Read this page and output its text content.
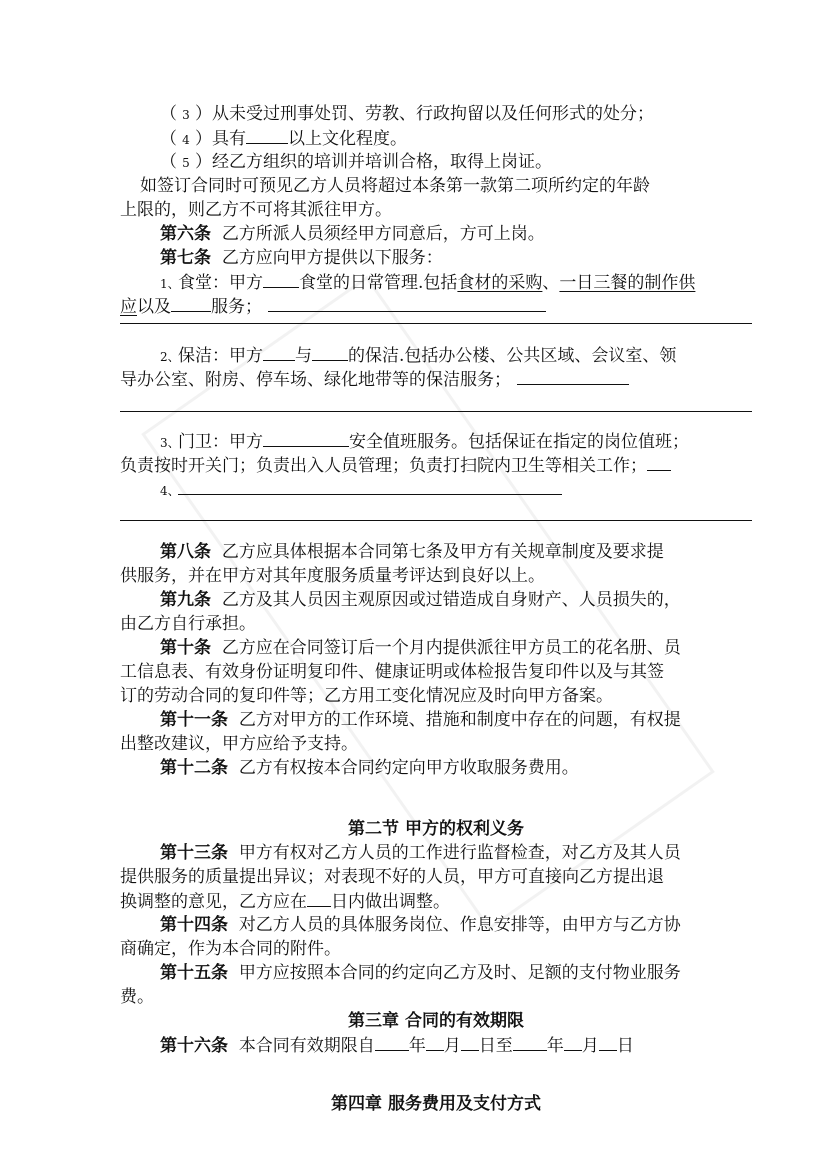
（ 3 ）从未受过刑事处罚、劳教、行政拘留以及任何形式的处分；
（ 4 ）具有 以上文化程度。
（ 5 ）经乙方组织的培训并培训合格，取得上岗证。
如签订合同时可预见乙方人员将超过本条第一款第二项所约定的年龄
上限的，则乙方不可将其派往甲方。
第六条 乙方所派人员须经甲方同意后，方可上岗。
第七条 乙方应向甲方提供以下服务：
1、食堂：甲方 食堂的日常管理.包括食材的采购、一日三餐的制作供
应以及 服务；
2、保洁：甲方 与 的保洁.包括办公楼、公共区域、会议室、领
导办公室、附房、停车场、绿化地带等的保洁服务；
3、门卫：甲方	安全值班服务。包括保证在指定的岗位值班；
负责按时开关门；负责出入人员管理；负责打扫院内卫生等相关工作；
4、
第八条 乙方应具体根据本合同第七条及甲方有关规章制度及要求提
供服务，并在甲方对其年度服务质量考评达到良好以上。
第九条 乙方及其人员因主观原因或过错造成自身财产、人员损失的，
由乙方自行承担。
第十条 乙方应在合同签订后一个月内提供派往甲方员工的花名册、员
工信息表、有效身份证明复印件、健康证明或体检报告复印件以及与其签
订的劳动合同的复印件等；乙方用工变化情况应及时向甲方备案。
第十一条 乙方对甲方的工作环境、措施和制度中存在的问题，有权提
出整改建议，甲方应给予支持。
第十二条 乙方有权按本合同约定向甲方收取服务费用。
第二节 甲方的权利义务
第十三条 甲方有权对乙方人员的工作进行监督检查，对乙方及其人员
提供服务的质量提出异议；对表现不好的人员，甲方可直接向乙方提出退
换调整的意见，乙方应在 日内做出调整。
第十四条 对乙方人员的具体服务岗位、作息安排等，由甲方与乙方协
商确定，作为本合同的附件。
第十五条 甲方应按照本合同的约定向乙方及时、足额的支付物业服务
费。
第三章 合同的有效期限
第十六条 本合同有效期限自 年 月 日至 年 月 日
第四章 服务费用及支付方式
